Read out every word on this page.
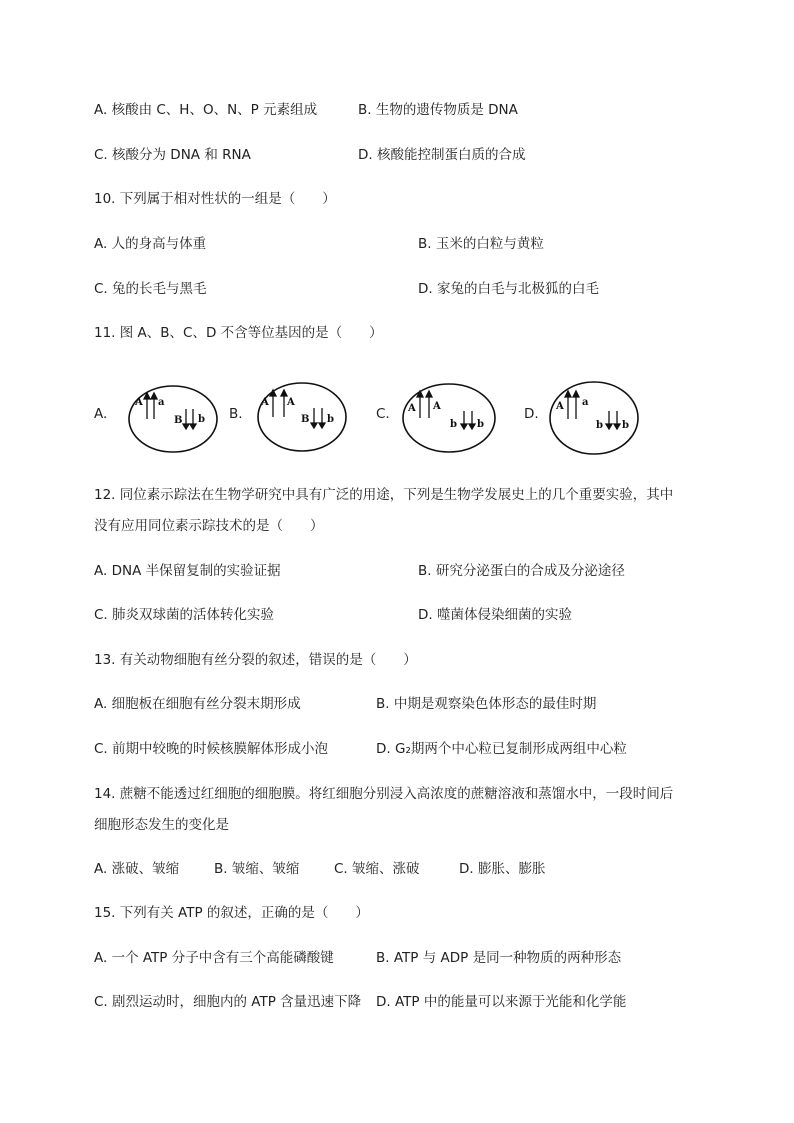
A. 核酸由 C、H、O、N、P 元素组成	B. 生物的遗传物质是 DNA
C. 核酸分为 DNA 和 RNA	D. 核酸能控制蛋白质的合成
10. 下列属于相对性状的一组是（　　）
A. 人的身高与体重	B. 玉米的白粒与黄粒
C. 兔的长毛与黑毛	D. 家兔的白毛与北极狐的白毛
11. 图 A、B、C、D 不含等位基因的是（　　）
A.	B.	C.	D.
A a
B b
A A
B b
A A
b b
A a
b b
12. 同位素示踪法在生物学研究中具有广泛的用途，下列是生物学发展史上的几个重要实验，其中
没有应用同位素示踪技术的是（　　）
A. DNA 半保留复制的实验证据	B. 研究分泌蛋白的合成及分泌途径
C. 肺炎双球菌的活体转化实验	D. 噬菌体侵染细菌的实验
13. 有关动物细胞有丝分裂的叙述，错误的是（　　）
A. 细胞板在细胞有丝分裂末期形成	B. 中期是观察染色体形态的最佳时期
C. 前期中较晚的时候核膜解体形成小泡	D. G₂期两个中心粒已复制形成两组中心粒
14. 蔗糖不能透过红细胞的细胞膜。将红细胞分别浸入高浓度的蔗糖溶液和蒸馏水中，一段时间后
细胞形态发生的变化是
A. 涨破、皱缩	B. 皱缩、皱缩	C. 皱缩、涨破	D. 膨胀、膨胀
15. 下列有关 ATP 的叙述，正确的是（　　）
A. 一个 ATP 分子中含有三个高能磷酸键	B. ATP 与 ADP 是同一种物质的两种形态
C. 剧烈运动时，细胞内的 ATP 含量迅速下降 D. ATP 中的能量可以来源于光能和化学能
